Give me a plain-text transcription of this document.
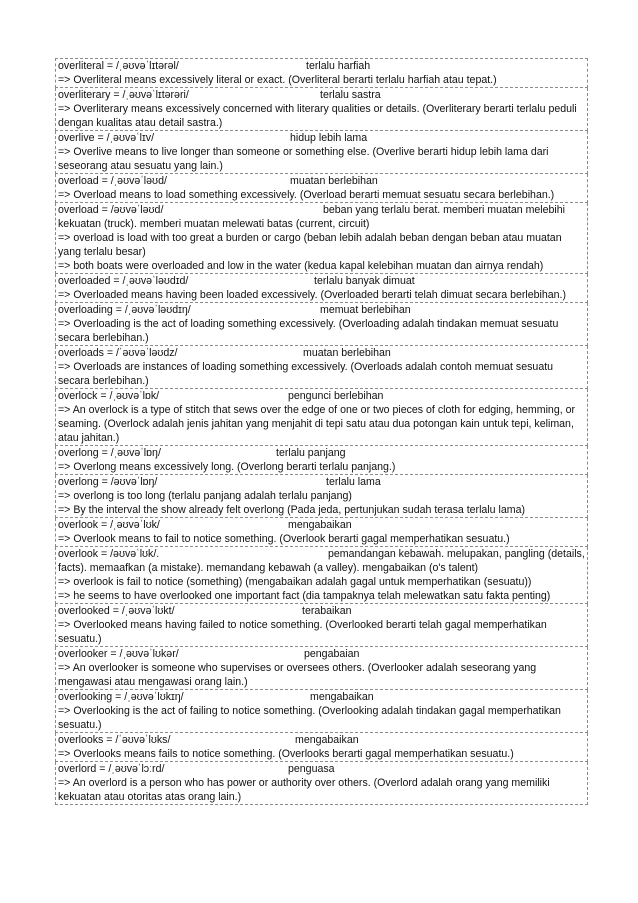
overliteral = /ˌəʊvəˈlɪtərəl/	terlalu harfiah
=> Overliteral means excessively literal or exact. (Overliteral berarti terlalu harfiah atau tepat.)
overliterary = /ˌəʊvəˈlɪtərəri/	terlalu sastra
=> Overliterary means excessively concerned with literary qualities or details. (Overliterary berarti terlalu peduli dengan kualitas atau detail sastra.)
overlive = /ˌəʊvəˈlɪv/	hidup lebih lama
=> Overlive means to live longer than someone or something else. (Overlive berarti hidup lebih lama dari seseorang atau sesuatu yang lain.)
overload = /ˌəʊvəˈləʊd/	muatan berlebihan
=> Overload means to load something excessively. (Overload berarti memuat sesuatu secara berlebihan.)
overload = /əʊvəˈləʊd/	beban yang terlalu berat. memberi muatan melebihi kekuatan (truck). memberi muatan melewati batas (current, circuit)
=> overload is load with too great a burden or cargo (beban lebih adalah beban dengan beban atau muatan yang terlalu besar)
=> both boats were overloaded and low in the water (kedua kapal kelebihan muatan dan airnya rendah)
overloaded = /ˌəʊvəˈləʊdɪd/	terlalu banyak dimuat
=> Overloaded means having been loaded excessively. (Overloaded berarti telah dimuat secara berlebihan.)
overloading = /ˌəʊvəˈləʊdɪŋ/	memuat berlebihan
=> Overloading is the act of loading something excessively. (Overloading adalah tindakan memuat sesuatu secara berlebihan.)
overloads = /ˈəʊvəˈləʊdz/	muatan berlebihan
=> Overloads are instances of loading something excessively. (Overloads adalah contoh memuat sesuatu secara berlebihan.)
overlock = /ˌəʊvəˈlɒk/	pengunci berlebihan
=> An overlock is a type of stitch that sews over the edge of one or two pieces of cloth for edging, hemming, or seaming. (Overlock adalah jenis jahitan yang menjahit di tepi satu atau dua potongan kain untuk tepi, keliman, atau jahitan.)
overlong = /ˌəʊvəˈlɒŋ/	terlalu panjang
=> Overlong means excessively long. (Overlong berarti terlalu panjang.)
overlong = /əʊvəˈlɒŋ/	terlalu lama
=> overlong is too long (terlalu panjang adalah terlalu panjang)
=> By the interval the show already felt overlong (Pada jeda, pertunjukan sudah terasa terlalu lama)
overlook = /ˌəʊvəˈlʊk/	mengabaikan
=> Overlook means to fail to notice something. (Overlook berarti gagal memperhatikan sesuatu.)
overlook = /əʊvəˈlʊk/.	pemandangan kebawah. melupakan, pangling (details, facts). memaafkan (a mistake). memandang kebawah (a valley). mengabaikan (o's talent)
=> overlook is fail to notice (something) (mengabaikan adalah gagal untuk memperhatikan (sesuatu))
=> he seems to have overlooked one important fact (dia tampaknya telah melewatkan satu fakta penting)
overlooked = /ˌəʊvəˈlʊkt/	terabaikan
=> Overlooked means having failed to notice something. (Overlooked berarti telah gagal memperhatikan sesuatu.)
overlooker = /ˌəʊvəˈlʊkər/	pengabaian
=> An overlooker is someone who supervises or oversees others. (Overlooker adalah seseorang yang mengawasi atau mengawasi orang lain.)
overlooking = /ˌəʊvəˈlʊkɪŋ/	mengabaikan
=> Overlooking is the act of failing to notice something. (Overlooking adalah tindakan gagal memperhatikan sesuatu.)
overlooks = /ˈəʊvəˈlʊks/	mengabaikan
=> Overlooks means fails to notice something. (Overlooks berarti gagal memperhatikan sesuatu.)
overlord = /ˌəʊvəˈlɔːrd/	penguasa
=> An overlord is a person who has power or authority over others. (Overlord adalah orang yang memiliki kekuatan atau otoritas atas orang lain.)
